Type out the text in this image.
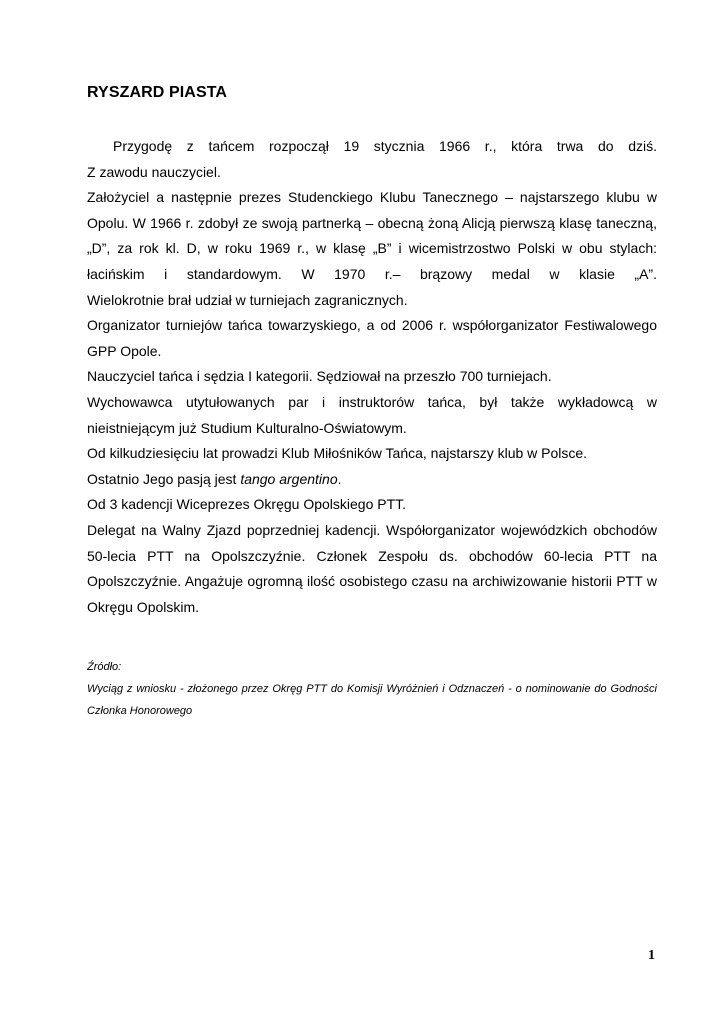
RYSZARD PIASTA

Przygodę z tańcem rozpoczął 19 stycznia 1966 r., która trwa do dziś.

Z zawodu nauczyciel.

Założyciel a następnie prezes Studenckiego Klubu Tanecznego – najstarszego klubu w Opolu. W 1966 r. zdobył ze swoją partnerką – obecną żoną Alicją pierwszą klasę taneczną, „D”, za rok kl. D, w roku 1969 r., w klasę „B” i wicemistrzostwo Polski w obu stylach: łacińskim i standardowym. W 1970 r.– brązowy medal w klasie „A”.

Wielokrotnie brał udział w turniejach zagranicznych.

Organizator turniejów tańca towarzyskiego, a od 2006 r. współorganizator Festiwalowego GPP Opole.

Nauczyciel tańca i sędzia I kategorii. Sędziował na przeszło 700 turniejach.

Wychowawca utytułowanych par i instruktorów tańca, był także wykładowcą w nieistniejącym już Studium Kulturalno-Oświatowym.

Od kilkudziesięciu lat prowadzi Klub Miłośników Tańca, najstarszy klub w Polsce.

Ostatnio Jego pasją jest tango argentino.

Od 3 kadencji Wiceprezes Okręgu Opolskiego PTT.

Delegat na Walny Zjazd poprzedniej kadencji. Współorganizator wojewódzkich obchodów 50-lecia PTT na Opolszczyźnie. Członek Zespołu ds. obchodów 60-lecia PTT na Opolszczyźnie. Angażuje ogromną ilość osobistego czasu na archiwizowanie historii PTT w Okręgu Opolskim.

Źródło:
Wyciąg z wniosku - złożonego przez Okręg PTT do Komisji Wyróżnień i Odznaczeń - o nominowanie do Godności Członka Honorowego
1
